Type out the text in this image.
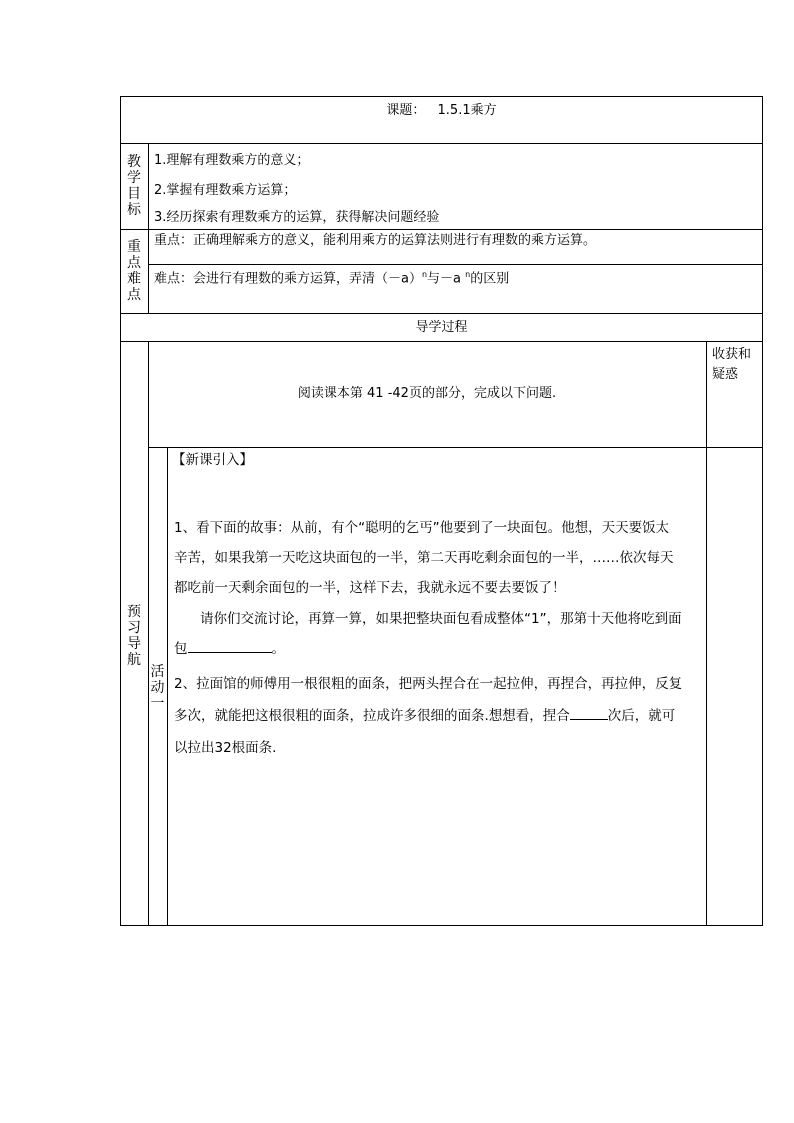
课题： 1.5.1乘方
教学目标
1.理解有理数乘方的意义；
2.掌握有理数乘方运算；
3.经历探索有理数乘方的运算，获得解决问题经验
重点难点
重点：正确理解乘方的意义，能利用乘方的运算法则进行有理数的乘方运算。
难点：会进行有理数的乘方运算，弄清$(-a)^n$与－a $^n$的区别
导学过程
预习导航
收获和疑惑
阅读课本第 41 -42页的部分，完成以下问题.
活动一
【新课引入】
1、看下面的故事：从前，有个“聪明的乞丐”他要到了一块面包。他想，天天要饭太
辛苦，如果我第一天吃这块面包的一半，第二天再吃剩余面包的一半，……依次每天
都吃前一天剩余面包的一半，这样下去，我就永远不要去要饭了！
请你们交流讨论，再算一算，如果把整块面包看成整体“1”，那第十天他将吃到面
包	。
2、拉面馆的师傅用一根很粗的面条，把两头捏合在一起拉伸，再捏合，再拉伸，反复
多次，就能把这根很粗的面条，拉成许多很细的面条.想想看，捏合	次后，就可
以拉出32根面条.
